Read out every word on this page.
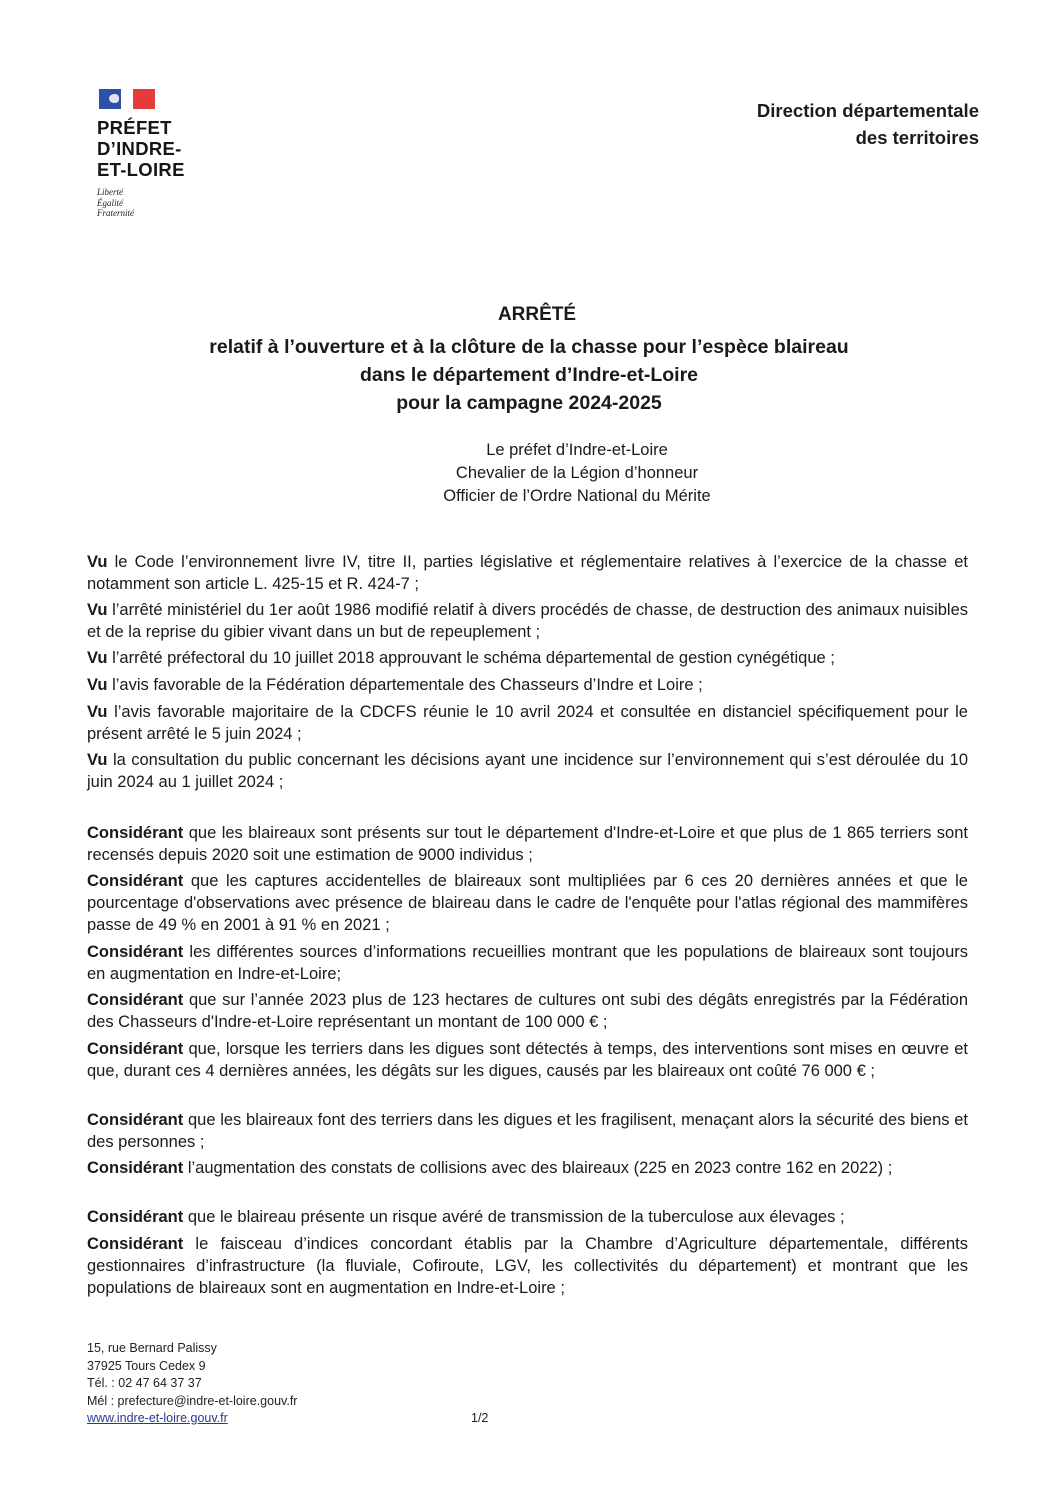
PRÉFET
D’INDRE-
ET-LOIRE
Liberté
Égalité
Fraternité
Direction départementale
des territoires
ARRÊTÉ
relatif à l’ouverture et à la clôture de la chasse pour l’espèce blaireau
dans le département d’Indre-et-Loire
pour la campagne 2024-2025
Le préfet d’Indre-et-Loire
Chevalier de la Légion d’honneur
Officier de l’Ordre National du Mérite
Vu le Code l’environnement livre IV, titre II, parties législative et réglementaire relatives à l’exercice de la chasse et notamment son article L. 425-15 et R. 424-7 ;
Vu l’arrêté ministériel du 1er août 1986 modifié relatif à divers procédés de chasse, de destruction des animaux nuisibles et de la reprise du gibier vivant dans un but de repeuplement ;
Vu l’arrêté préfectoral du 10 juillet 2018 approuvant le schéma départemental de gestion cynégétique ;
Vu l’avis favorable de la Fédération départementale des Chasseurs d’Indre et Loire ;
Vu l’avis favorable majoritaire de la CDCFS réunie le 10 avril 2024 et consultée en distanciel spécifiquement pour le présent arrêté le 5 juin 2024 ;
Vu la consultation du public concernant les décisions ayant une incidence sur l’environnement qui s’est déroulée du 10 juin 2024 au 1 juillet 2024 ;
Considérant que les blaireaux sont présents sur tout le département d'Indre-et-Loire et que plus de 1 865 terriers sont recensés depuis 2020 soit une estimation de 9000 individus ;
Considérant que les captures accidentelles de blaireaux sont multipliées par 6 ces 20 dernières années et que le pourcentage d'observations avec présence de blaireau dans le cadre de l'enquête pour l'atlas régional des mammifères passe de 49 % en 2001 à 91 % en 2021 ;
Considérant les différentes sources d’informations recueillies montrant que les populations de blaireaux sont toujours en augmentation en Indre-et-Loire;
Considérant que sur l’année 2023 plus de 123 hectares de cultures ont subi des dégâts enregistrés par la Fédération des Chasseurs d'Indre-et-Loire représentant un montant de 100 000 € ;
Considérant que, lorsque les terriers dans les digues sont détectés à temps, des interventions sont mises en œuvre et que, durant ces 4 dernières années, les dégâts sur les digues, causés par les blaireaux ont coûté 76 000 € ;
Considérant que les blaireaux font des terriers dans les digues et les fragilisent, menaçant alors la sécurité des biens et des personnes ;
Considérant l’augmentation des constats de collisions avec des blaireaux (225 en 2023 contre 162 en 2022) ;
Considérant que le blaireau présente un risque avéré de transmission de la tuberculose aux élevages ;
Considérant le faisceau d’indices concordant établis par la Chambre d’Agriculture départementale, différents gestionnaires d’infrastructure (la fluviale, Cofiroute, LGV, les collectivités du département) et montrant que les populations de blaireaux sont en augmentation en Indre-et-Loire ;
15, rue Bernard Palissy
37925 Tours Cedex 9
Tél. : 02 47 64 37 37
Mél : prefecture@indre-et-loire.gouv.fr
www.indre-et-loire.gouv.fr	1/2
